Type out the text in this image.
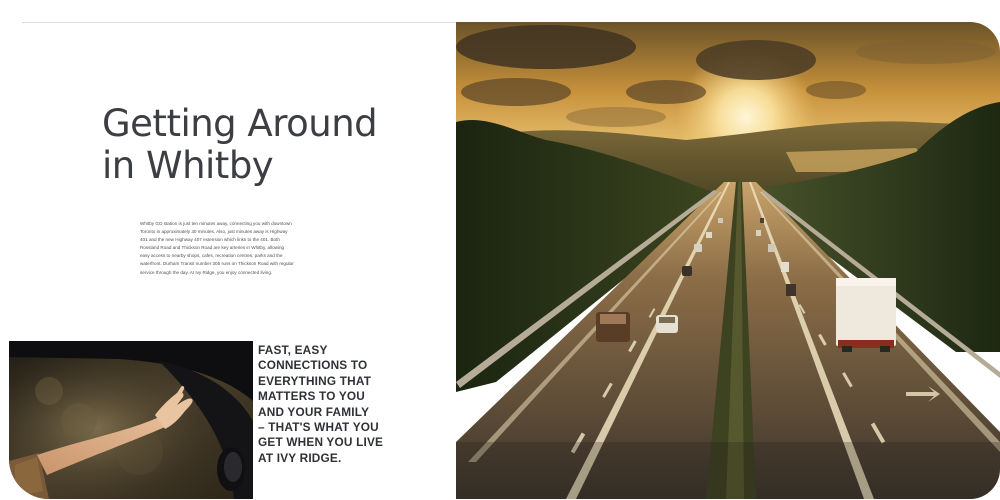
Getting Around
in Whitby
Whitby GO station is just ten minutes away, connecting you with downtown
Toronto in approximately 30 minutes. Also, just minutes away is Highway
401 and the new Highway 407 extension which links to the 401. Both
Rossland Road and Thickson Road are key arteries in Whitby, allowing
easy access to nearby shops, cafes, recreation centres, parks and the
waterfront. Durham Transit number 305 runs on Thickson Road with regular
service through the day. At Ivy Ridge, you enjoy connected living.
FAST, EASY
CONNECTIONS TO
EVERYTHING THAT
MATTERS TO YOU
AND YOUR FAMILY
– THAT'S WHAT YOU
GET WHEN YOU LIVE
AT IVY RIDGE.
